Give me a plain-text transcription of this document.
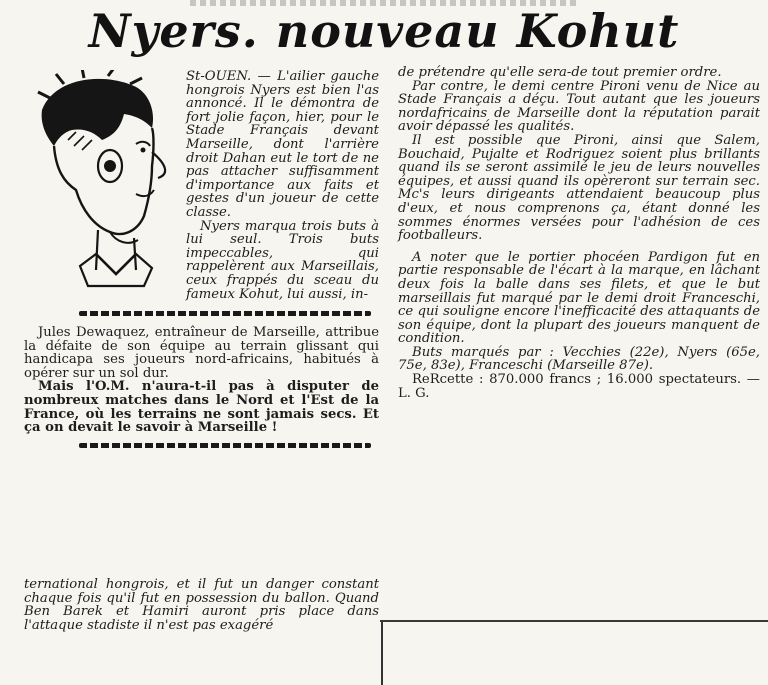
Nyers. nouveau Kohut

St-OUEN. — L'ailier gauche hongrois Nyers est bien l'as annoncé. Il le démontra de fort jolie façon, hier, pour le Stade Français devant Marseille, dont l'arrière droit Dahan eut le tort de ne pas attacher suffisamment d'importance aux faits et gestes d'un joueur de cette classe.

Nyers marqua trois buts à lui seul. Trois buts impeccables, qui rappelèrent aux Marseillais, ceux frappés du sceau du fameux Kohut, lui aussi, in-

Jules Dewaquez, entraîneur de Marseille, attribue la défaite de son équipe au terrain glissant qui handicapa ses joueurs nord-africains, habitués à opérer sur un sol dur.

Mais l'O.M. n'aura-t-il pas à disputer de nombreux matches dans le Nord et l'Est de la France, où les terrains ne sont jamais secs. Et ça on devait le savoir à Marseille !

ternational hongrois, et il fut un danger constant chaque fois qu'il fut en possession du ballon. Quand Ben Barek et Hamiri auront pris place dans l'attaque stadiste il n'est pas exagéré

de prétendre qu'elle sera-de tout premier ordre.

Par contre, le demi centre Pironi venu de Nice au Stade Français a déçu. Tout autant que les joueurs nordafricains de Marseille dont la réputation parait avoir dépassé les qualités.

Il est possible que Pironi, ainsi que Salem, Bouchaid, Pujalte et Rodriguez soient plus brillants quand ils se seront assimilé le jeu de leurs nouvelles équipes, et aussi quand ils opèreront sur terrain sec. Mc's leurs dirigeants attendaient beaucoup plus d'eux, et nous comprenons ça, étant donné les sommes énormes versées pour l'adhésion de ces footballeurs.

A noter que le portier phocéen Pardigon fut en partie responsable de l'écart à la marque, en lâchant deux fois la balle dans ses filets, et que le but marseillais fut marqué par le demi droit Franceschi, ce qui souligne encore l'inefficacité des attaquants de son équipe, dont la plupart des joueurs manquent de condition.

Buts marqués par : Vecchies (22e), Nyers (65e, 75e, 83e), Franceschi (Marseille 87e).

ReRcette : 870.000 francs ; 16.000 spectateurs. — L. G.
